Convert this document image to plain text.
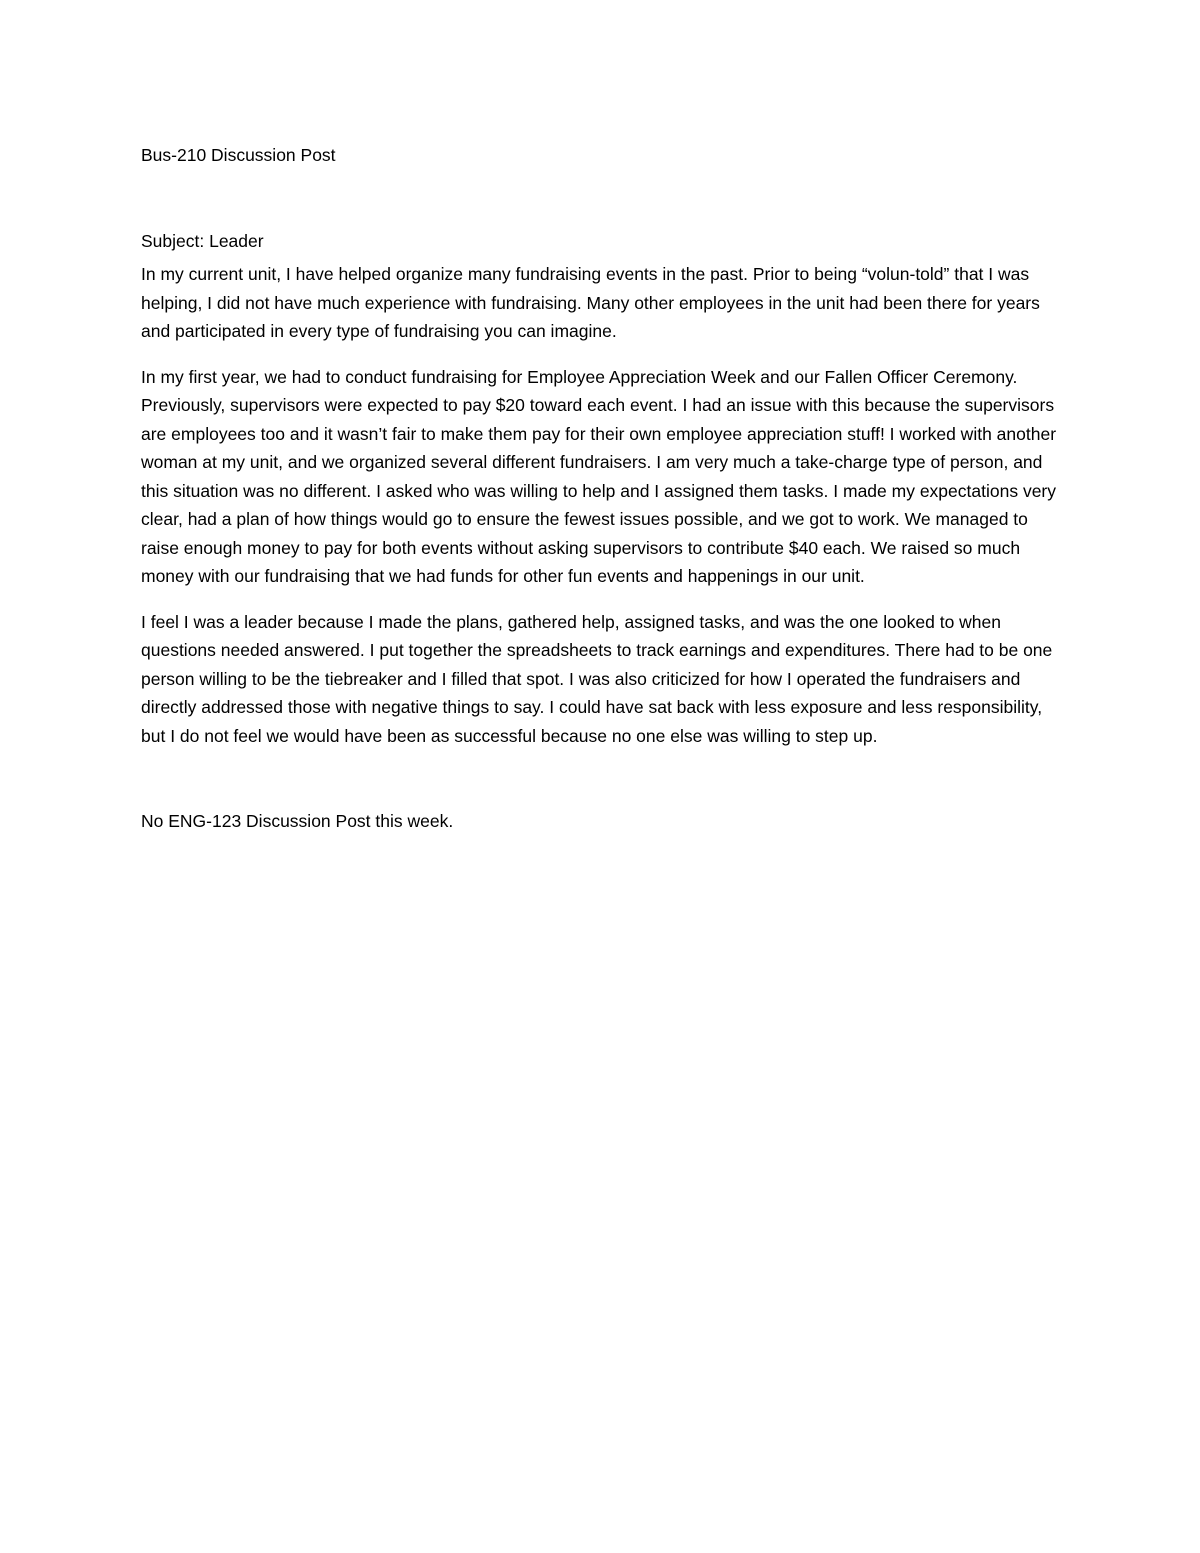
Bus-210 Discussion Post

Subject: Leader

In my current unit, I have helped organize many fundraising events in the past. Prior to being “volun-told” that I was helping, I did not have much experience with fundraising. Many other employees in the unit had been there for years and participated in every type of fundraising you can imagine.

In my first year, we had to conduct fundraising for Employee Appreciation Week and our Fallen Officer Ceremony. Previously, supervisors were expected to pay $20 toward each event. I had an issue with this because the supervisors are employees too and it wasn’t fair to make them pay for their own employee appreciation stuff! I worked with another woman at my unit, and we organized several different fundraisers. I am very much a take-charge type of person, and this situation was no different. I asked who was willing to help and I assigned them tasks. I made my expectations very clear, had a plan of how things would go to ensure the fewest issues possible, and we got to work. We managed to raise enough money to pay for both events without asking supervisors to contribute $40 each. We raised so much money with our fundraising that we had funds for other fun events and happenings in our unit.

I feel I was a leader because I made the plans, gathered help, assigned tasks, and was the one looked to when questions needed answered. I put together the spreadsheets to track earnings and expenditures. There had to be one person willing to be the tiebreaker and I filled that spot. I was also criticized for how I operated the fundraisers and directly addressed those with negative things to say. I could have sat back with less exposure and less responsibility, but I do not feel we would have been as successful because no one else was willing to step up.

No ENG-123 Discussion Post this week.
